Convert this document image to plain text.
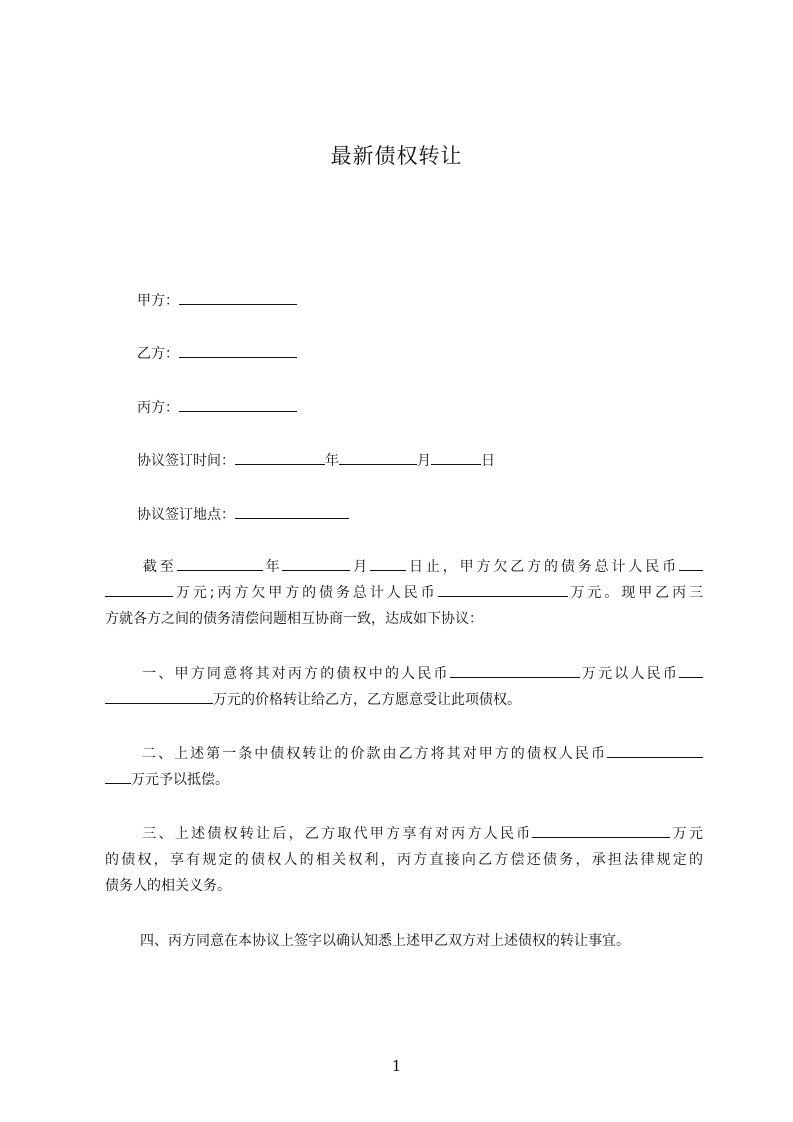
最新债权转让
甲方：
乙方：
丙方：
协议签订时间：	年	月	日
协议签订地点：
截至	年	月	日止，甲方欠乙方的债务总计人民币
万元;丙方欠甲方的债务总计人民币	万元。现甲乙丙三
方就各方之间的债务清偿问题相互协商一致，达成如下协议：
一、甲方同意将其对丙方的债权中的人民币	万元以人民币
万元的价格转让给乙方，乙方愿意受让此项债权。
二、上述第一条中债权转让的价款由乙方将其对甲方的债权人民币
万元予以抵偿。
三、上述债权转让后，乙方取代甲方享有对丙方人民币	万元
的债权，享有规定的债权人的相关权利，丙方直接向乙方偿还债务，承担法律规定的
债务人的相关义务。
四、丙方同意在本协议上签字以确认知悉上述甲乙双方对上述债权的转让事宜。
1
